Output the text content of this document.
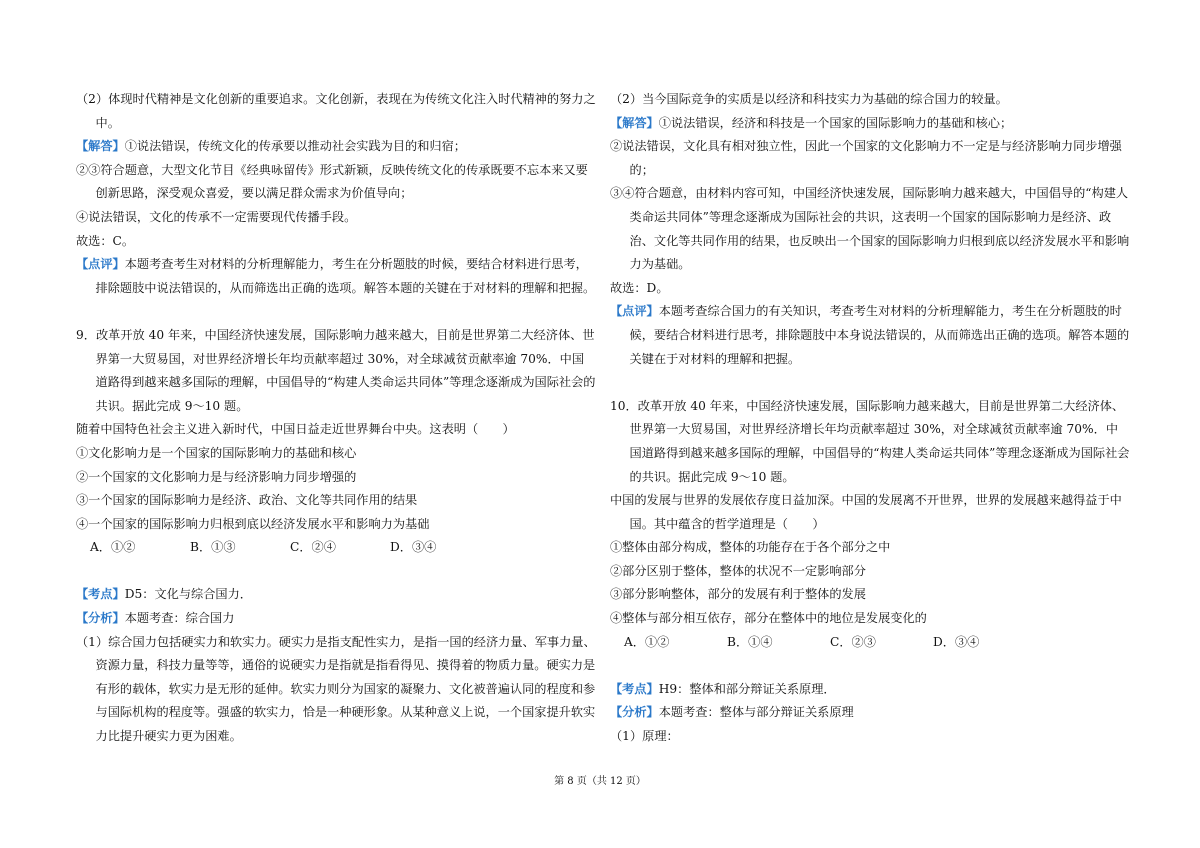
（2）体现时代精神是文化创新的重要追求。文化创新，表现在为传统文化注入时代精神的努力之中。

【解答】①说法错误，传统文化的传承要以推动社会实践为目的和归宿；

②③符合题意，大型文化节目《经典咏留传》形式新颖，反映传统文化的传承既要不忘本来又要创新思路，深受观众喜爱，要以满足群众需求为价值导向；

④说法错误，文化的传承不一定需要现代传播手段。

故选：C。

【点评】本题考查考生对材料的分析理解能力，考生在分析题肢的时候，要结合材料进行思考，排除题肢中说法错误的，从而筛选出正确的选项。解答本题的关键在于对材料的理解和把握。

9．改革开放 40 年来，中国经济快速发展，国际影响力越来越大，目前是世界第二大经济体、世界第一大贸易国，对世界经济增长年均贡献率超过 30%，对全球减贫贡献率逾 70%．中国道路得到越来越多国际的理解，中国倡导的“构建人类命运共同体”等理念逐渐成为国际社会的共识。据此完成 9～10 题。

随着中国特色社会主义进入新时代，中国日益走近世界舞台中央。这表明（　　）

①文化影响力是一个国家的国际影响力的基础和核心

②一个国家的文化影响力是与经济影响力同步增强的

③一个国家的国际影响力是经济、政治、文化等共同作用的结果

④一个国家的国际影响力归根到底以经济发展水平和影响力为基础

A．①②	B．①③	C．②④	D．③④

【考点】D5：文化与综合国力．

【分析】本题考查：综合国力

（1）综合国力包括硬实力和软实力。硬实力是指支配性实力，是指一国的经济力量、军事力量、资源力量，科技力量等等，通俗的说硬实力是指就是指看得见、摸得着的物质力量。硬实力是有形的载体，软实力是无形的延伸。软实力则分为国家的凝聚力、文化被普遍认同的程度和参与国际机构的程度等。强盛的软实力，恰是一种硬形象。从某种意义上说，一个国家提升软实力比提升硬实力更为困难。

（2）当今国际竞争的实质是以经济和科技实力为基础的综合国力的较量。

【解答】①说法错误，经济和科技是一个国家的国际影响力的基础和核心；

②说法错误，文化具有相对独立性，因此一个国家的文化影响力不一定是与经济影响力同步增强的；

③④符合题意，由材料内容可知，中国经济快速发展，国际影响力越来越大，中国倡导的“构建人类命运共同体”等理念逐渐成为国际社会的共识，这表明一个国家的国际影响力是经济、政治、文化等共同作用的结果，也反映出一个国家的国际影响力归根到底以经济发展水平和影响力为基础。

故选：D。

【点评】本题考查综合国力的有关知识，考查考生对材料的分析理解能力，考生在分析题肢的时候，要结合材料进行思考，排除题肢中本身说法错误的，从而筛选出正确的选项。解答本题的关键在于对材料的理解和把握。

10．改革开放 40 年来，中国经济快速发展，国际影响力越来越大，目前是世界第二大经济体、世界第一大贸易国，对世界经济增长年均贡献率超过 30%，对全球减贫贡献率逾 70%．中国道路得到越来越多国际的理解，中国倡导的“构建人类命运共同体”等理念逐渐成为国际社会的共识。据此完成 9～10 题。

中国的发展与世界的发展依存度日益加深。中国的发展离不开世界，世界的发展越来越得益于中国。其中蕴含的哲学道理是（　　）

①整体由部分构成，整体的功能存在于各个部分之中

②部分区别于整体，整体的状况不一定影响部分

③部分影响整体，部分的发展有利于整体的发展

④整体与部分相互依存，部分在整体中的地位是发展变化的

A．①②	B．①④	C．②③	D．③④

【考点】H9：整体和部分辩证关系原理．

【分析】本题考查：整体与部分辩证关系原理

（1）原理：

第 8 页（共 12 页）
